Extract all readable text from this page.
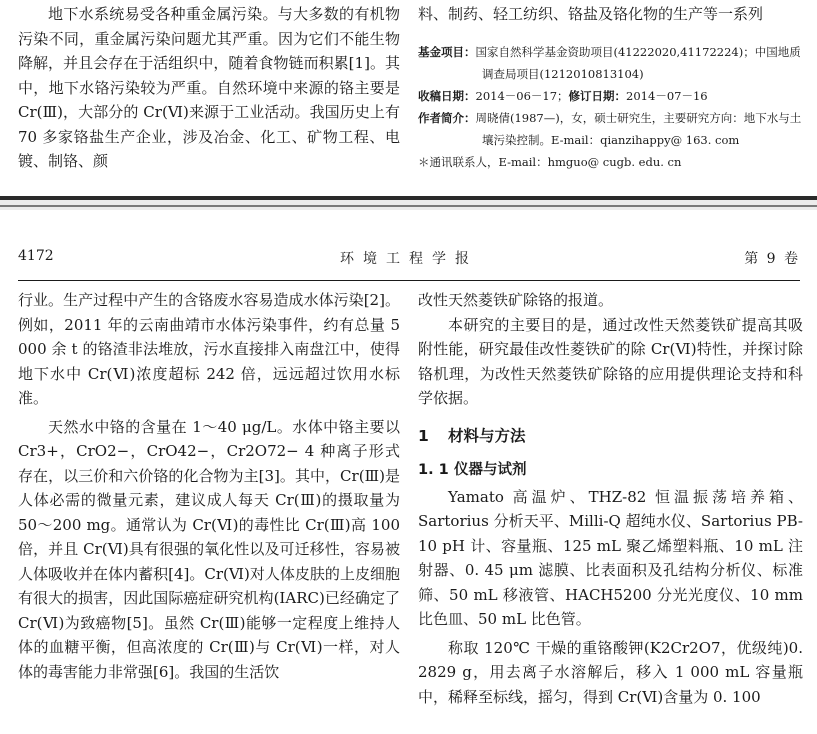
地下水系统易受各种重金属污染。与大多数的有机物污染不同，重金属污染问题尤其严重。因为它们不能生物降解，并且会存在于活组织中，随着食物链而积累[1]。其中，地下水铬污染较为严重。自然环境中来源的铬主要是 Cr(Ⅲ)，大部分的 Cr(Ⅵ)来源于工业活动。我国历史上有 70 多家铬盐生产企业，涉及冶金、化工、矿物工程、电镀、制铬、颜

料、制药、轻工纺织、铬盐及铬化物的生产等一系列

基金项目：国家自然科学基金资助项目(41222020,41172224)；中国地质调查局项目(1212010813104)

收稿日期：2014－06－17；修订日期：2014－07－16

作者简介：周晓倩(1987—)，女，硕士研究生，主要研究方向：地下水与土壤污染控制。E-mail：qianzihappy@ 163. com

＊通讯联系人，E-mail：hmguo@ cugb. edu. cn

4172	环境工程学报	第 9 卷

行业。生产过程中产生的含铬废水容易造成水体污染[2]。例如，2011 年的云南曲靖市水体污染事件，约有总量 5 000 余 t 的铬渣非法堆放，污水直接排入南盘江中，使得地下水中 Cr(Ⅵ)浓度超标 242 倍，远远超过饮用水标准。

天然水中铬的含量在 1～40 μg/L。水体中铬主要以 Cr3+，CrO2−，CrO42−，Cr2O72− 4 种离子形式存在，以三价和六价铬的化合物为主[3]。其中，Cr(Ⅲ)是人体必需的微量元素，建议成人每天 Cr(Ⅲ)的摄取量为 50～200 mg。通常认为 Cr(Ⅵ)的毒性比 Cr(Ⅲ)高 100 倍，并且 Cr(Ⅵ)具有很强的氧化性以及可迁移性，容易被人体吸收并在体内蓄积[4]。Cr(Ⅵ)对人体皮肤的上皮细胞有很大的损害，因此国际癌症研究机构(IARC)已经确定了 Cr(Ⅵ)为致癌物[5]。虽然 Cr(Ⅲ)能够一定程度上维持人体的血糖平衡，但高浓度的 Cr(Ⅲ)与 Cr(Ⅵ)一样，对人体的毒害能力非常强[6]。我国的生活饮

改性天然菱铁矿除铬的报道。

本研究的主要目的是，通过改性天然菱铁矿提高其吸附性能，研究最佳改性菱铁矿的除 Cr(Ⅵ)特性，并探讨除铬机理，为改性天然菱铁矿除铬的应用提供理论支持和科学依据。

1 材料与方法
1. 1 仪器与试剂

Yamato 高温炉、THZ-82 恒温振荡培养箱、Sartorius 分析天平、Milli-Q 超纯水仪、Sartorius PB-10 pH 计、容量瓶、125 mL 聚乙烯塑料瓶、10 mL 注射器、0. 45 μm 滤膜、比表面积及孔结构分析仪、标准筛、50 mL 移液管、HACH5200 分光光度仪、10 mm 比色皿、50 mL 比色管。

称取 120℃ 干燥的重铬酸钾(K2Cr2O7，优级纯)0. 2829 g，用去离子水溶解后，移入 1 000 mL 容量瓶中，稀释至标线，摇匀，得到 Cr(Ⅵ)含量为 0. 100
